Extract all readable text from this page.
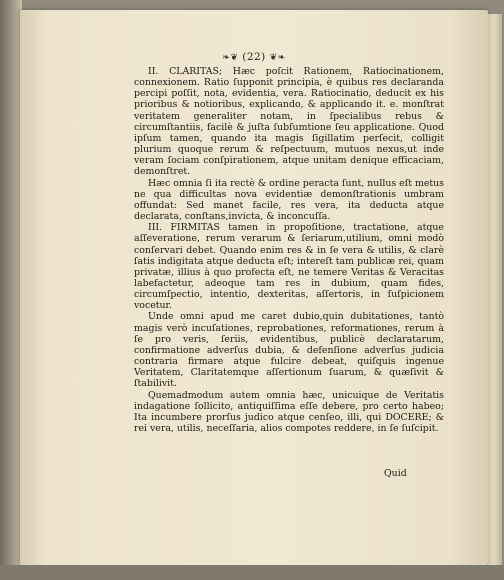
❧❦ (22) ❦❧

II. CLARITAS; Hæc poſcit Rationem, Ratiocinationem, connexionem. Ratio ſupponit principia, è quibus res declaranda percipi poſſit, nota, evidentia, vera. Ratiocinatio, deducit ex his prioribus & notioribus, explicando, & applicando it. e. monſtrat veritatem generaliter notam, in ſpecialibus rebus & circumſtantiis, facilè & juſta ſubſumtione ſeu applicatione. Quod ipſum tamen, quando ita magis ſigillatim perſecit, colligit plurium quoque rerum & reſpectuum, mutuos nexus,ut inde veram ſociam conſpirationem, atque unitam denique efficaciam, demonſtret.

Hæc omnia ſi ita rectè & ordine peracta ſunt, nullus eſt metus ne qua difficultas nova evidentiæ demonſtrationis umbram offundat: Sed manet facile, res vera, ita deducta atque declarata, conſtans,invicta, & inconcuſſa.

III. FIRMITAS tamen in propoſitione, tractatione, atque aſſeveratione, rerum verarum & ſeriarum,utilium, omni modò conſervari debet. Quando enim res & in ſe vera & utilis, & clarè ſatis indigitata atque deducta eſt; intereſt tam publicæ rei, quam privatæ, illius à quo profecta eſt, ne temere Veritas & Veracitas labefactetur, adeoque tam res in dubium, quam fides, circumſpectio, intentio, dexteritas, aſſertoris, in ſuſpicionem vocetur.

Unde omni apud me caret dubio,quin dubitationes, tantò magis verò incuſationes, reprobationes, reformationes, rerum à ſe pro veris, ſeriis, evidentibus, publicè declaratarum, confirmatione adverſus dubia, & defenſione adverſus judicia contraria firmare atque fulcire debeat, quiſquis ingenue Veritatem, Claritatemque aſſertionum ſuarum, & quæſivit & ſtabilivit.

Quemadmodum autem omnia hæc, unicuique de Veritatis indagatione ſollicito, antiquiſſima eſſe debere, pro certo habeo; Ita incumbere prorſus judico atque cenſeo, illi, qui DOCERE; & rei vera, utilis, neceſſaria, alios compotes reddere, in ſe ſuſcipit.

Quid
